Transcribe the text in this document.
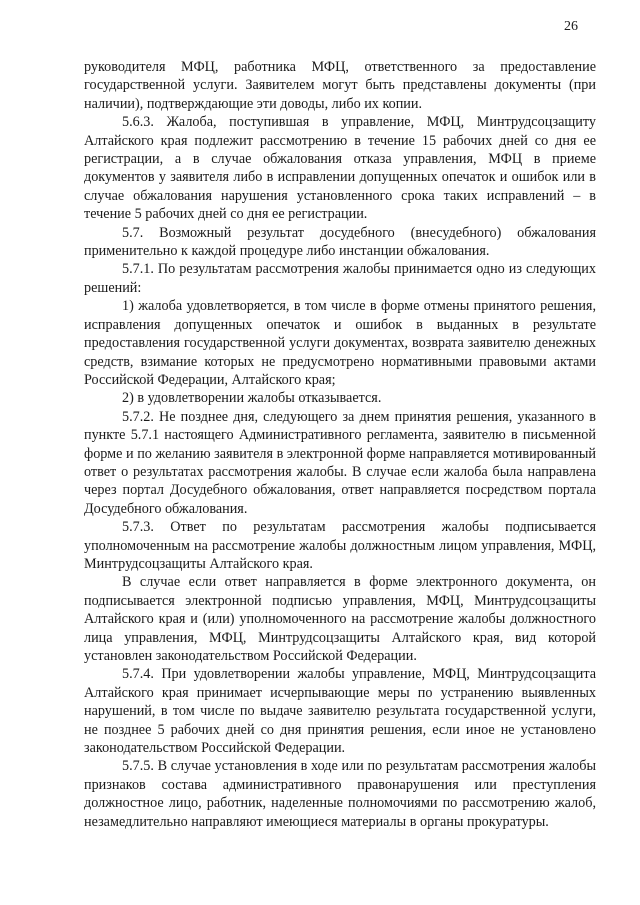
26

руководителя МФЦ, работника МФЦ, ответственного за предоставление государственной услуги. Заявителем могут быть представлены документы (при наличии), подтверждающие эти доводы, либо их копии.

5.6.3. Жалоба, поступившая в управление, МФЦ, Минтрудсоцзащиту Алтайского края подлежит рассмотрению в течение 15 рабочих дней со дня ее регистрации, а в случае обжалования отказа управления, МФЦ в приеме документов у заявителя либо в исправлении допущенных опечаток и ошибок или в случае обжалования нарушения установленного срока таких исправлений – в течение 5 рабочих дней со дня ее регистрации.

5.7. Возможный результат досудебного (внесудебного) обжалования применительно к каждой процедуре либо инстанции обжалования.

5.7.1. По результатам рассмотрения жалобы принимается одно из следующих решений:

1) жалоба удовлетворяется, в том числе в форме отмены принятого решения, исправления допущенных опечаток и ошибок в выданных в результате предоставления государственной услуги документах, возврата заявителю денежных средств, взимание которых не предусмотрено нормативными правовыми актами Российской Федерации, Алтайского края;

2) в удовлетворении жалобы отказывается.

5.7.2. Не позднее дня, следующего за днем принятия решения, указанного в пункте 5.7.1 настоящего Административного регламента, заявителю в письменной форме и по желанию заявителя в электронной форме направляется мотивированный ответ о результатах рассмотрения жалобы. В случае если жалоба была направлена через портал Досудебного обжалования, ответ направляется посредством портала Досудебного обжалования.

5.7.3. Ответ по результатам рассмотрения жалобы подписывается уполномоченным на рассмотрение жалобы должностным лицом управления, МФЦ, Минтрудсоцзащиты Алтайского края.

В случае если ответ направляется в форме электронного документа, он подписывается электронной подписью управления, МФЦ, Минтрудсоцзащиты Алтайского края и (или) уполномоченного на рассмотрение жалобы должностного лица управления, МФЦ, Минтрудсоцзащиты Алтайского края, вид которой установлен законодательством Российской Федерации.

5.7.4. При удовлетворении жалобы управление, МФЦ, Минтрудсоцзащита Алтайского края принимает исчерпывающие меры по устранению выявленных нарушений, в том числе по выдаче заявителю результата государственной услуги, не позднее 5 рабочих дней со дня принятия решения, если иное не установлено законодательством Российской Федерации.

5.7.5. В случае установления в ходе или по результатам рассмотрения жалобы признаков состава административного правонарушения или преступления должностное лицо, работник, наделенные полномочиями по рассмотрению жалоб, незамедлительно направляют имеющиеся материалы в органы прокуратуры.
